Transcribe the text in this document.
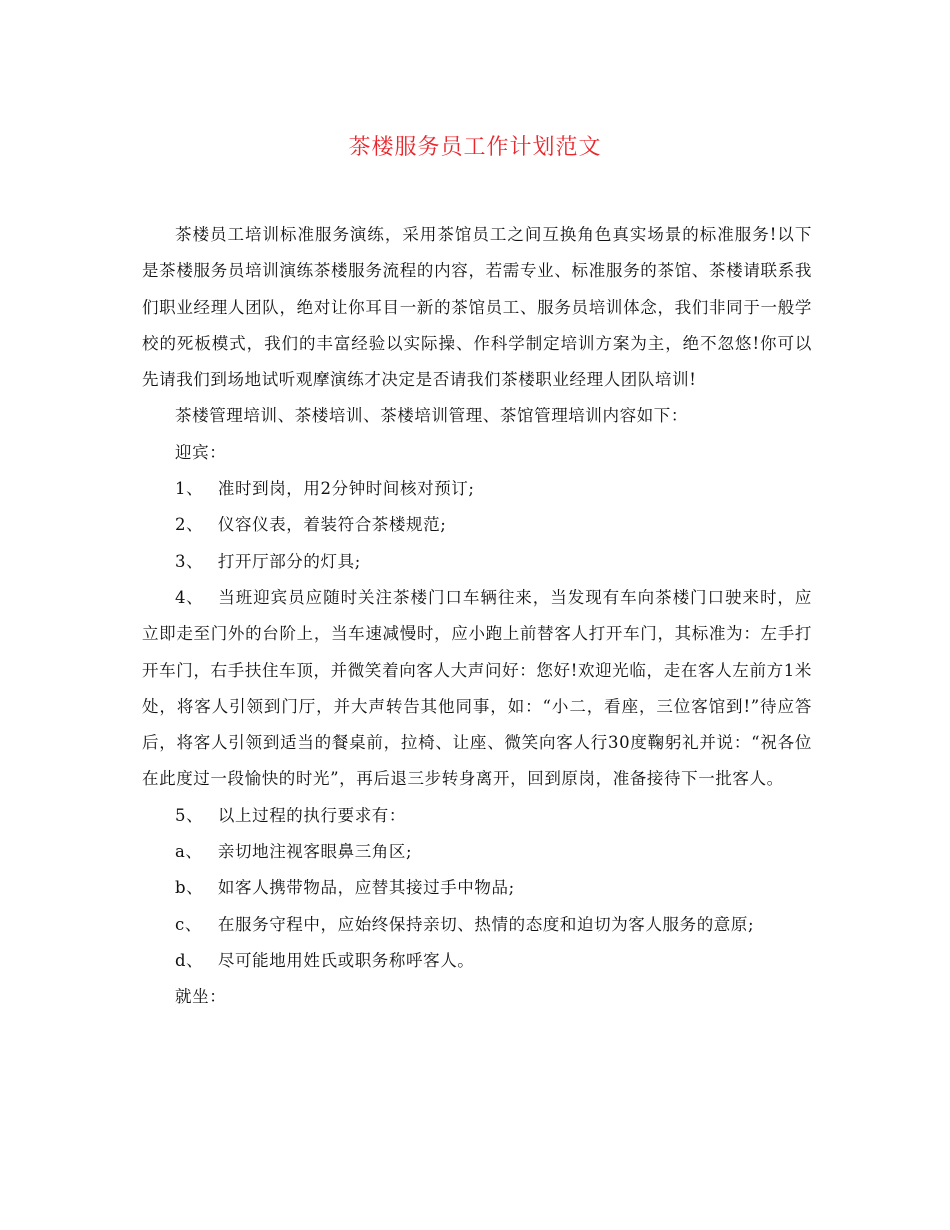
茶楼服务员工作计划范文

茶楼员工培训标准服务演练，采用茶馆员工之间互换角色真实场景的标准服务!以下是茶楼服务员培训演练茶楼服务流程的内容，若需专业、标准服务的茶馆、茶楼请联系我们职业经理人团队，绝对让你耳目一新的茶馆员工、服务员培训体念，我们非同于一般学校的死板模式，我们的丰富经验以实际操、作科学制定培训方案为主，绝不忽悠!你可以先请我们到场地试听观摩演练才决定是否请我们茶楼职业经理人团队培训!

茶楼管理培训、茶楼培训、茶楼培训管理、茶馆管理培训内容如下：

迎宾：

1、 准时到岗，用2分钟时间核对预订;

2、 仪容仪表，着装符合茶楼规范;

3、 打开厅部分的灯具;

4、 当班迎宾员应随时关注茶楼门口车辆往来，当发现有车向茶楼门口驶来时，应立即走至门外的台阶上，当车速减慢时，应小跑上前替客人打开车门，其标准为：左手打开车门，右手扶住车顶，并微笑着向客人大声问好：您好!欢迎光临，走在客人左前方1米处，将客人引领到门厅，并大声转告其他同事，如：“小二，看座，三位客馆到!”待应答后，将客人引领到适当的餐桌前，拉椅、让座、微笑向客人行30度鞠躬礼并说：“祝各位在此度过一段愉快的时光”，再后退三步转身离开，回到原岗，准备接待下一批客人。

5、 以上过程的执行要求有：

a、 亲切地注视客眼鼻三角区;

b、 如客人携带物品，应替其接过手中物品;

c、 在服务守程中，应始终保持亲切、热情的态度和迫切为客人服务的意原;

d、 尽可能地用姓氏或职务称呼客人。

就坐：
